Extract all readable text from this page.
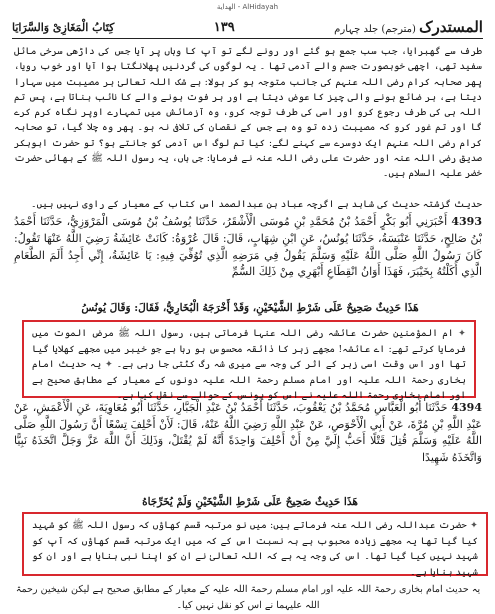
الهداية - AlHidayah
کِتَابُ الْمَغَازِیْ وَالسَّرَایَا	۱۳۹	المستدرک (مترجم) جلد چہارم
طرف سے گھبرایا، جب سب جمع ہو گئے اور رونے لگے تو آپ کا وہاں پر آیا جس کی داڑھی سرخی مائل سفید تھی، اچھی خوبصورت جسم والے آدمی تھا ۔ یہ لوگوں کی گردنیں پھلانگتا ہوا آیا اور خوب رویا، پھر صحابہ کرام رضی اللہ عنہم کی جانب متوجہ ہو کر بولا: بے شک اللہ تعالیٰ ہر مصیبت میں سہارا دیتا ہے، ہر ضائع ہونے والی چیز کا عوض دیتا ہے اور ہر فوت ہونے والے کا نائب بناتا ہے، پس تم اللہ ہی کی طرف رجوع کرو اور اسی کی طرف توجہ کرو، وہ آزمائش میں تمہارے اوپر نگاہ کرم کرے گا اور تم غور کرو کہ مصیبت زدہ تو وہ ہے جس کے نقصان کی تلافی نہ ہو۔ پھر وہ چلا گیا، تو صحابہ کرام رضی اللہ عنہم ایک دوسرے سے کہنے لگے: کیا تم لوگ اس آدمی کو جانتے ہو؟ تو حضرت ابوبکر صدیق رضی اللہ عنہ اور حضرت علی رضی اللہ عنہ نے فرمایا: جی ہاں، یہ رسول اللہ ﷺ کے بھائی حضرت خضر علیہ السلام ہیں۔
حدیث گزشتہ حدیث کی شاہد ہے اگرچہ عباد بن عبدالصمد اس کتاب کے معیار کے راوی نہیں ہیں۔
4393 أَخْبَرَنِي أَبُو بَكْرٍ أَحْمَدُ بْنُ مُحَمَّدِ بْنِ مُوسَى الْأَشْقَرُ، حَدَّثَنَا يُوسُفُ بْنُ مُوسَى الْمَرْوَزِيُّ، حَدَّثَنَا أَحْمَدُ بْنُ صَالِحٍ، حَدَّثَنَا عَنْبَسَةُ، حَدَّثَنَا يُونُسُ، عَنِ ابْنِ شِهَابٍ، قَالَ: قَالَ عُرْوَةُ: كَانَتْ عَائِشَةُ رَضِيَ اللَّهُ عَنْهَا تَقُولُ: كَانَ رَسُولُ اللَّهِ صَلَّى اللَّهُ عَلَيْهِ وَسَلَّمَ يَقُولُ فِي مَرَضِهِ الَّذِي تُوُفِّيَ فِيهِ: يَا عَائِشَةُ، إِنِّي أَجِدُ أَلَمَ الطَّعَامِ الَّذِي أَكَلْتُهُ بِخَيْبَرَ، فَهَذَا أَوَانُ انْقِطَاعِ أَبْهَرِي مِنْ ذَلِكَ السُّمِّ
هَذَا حَدِيثٌ صَحِيحٌ عَلَى شَرْطِ الشَّيْخَيْنِ، وَقَدْ أَخْرَجَهُ الْبُخَارِيُّ، فَقَالَ: وَقَالَ يُونُسُ
✦ ام المؤمنین حضرت عائشہ رضی اللہ عنہا فرماتی ہیں، رسول اللہ ﷺ مرض الموت میں فرمایا کرتے تھے: اے عائشہ! مجھے زہر کا ذائقہ محسوس ہو رہا ہے جو خیبر میں مجھے کھلایا گیا تھا اور اس وقت اسی زہر کے اثر کی وجہ سے میری شہ رگ کٹتی جا رہی ہے۔ ✦ یہ حدیث امام بخاری رحمۃ اللہ علیہ اور امام مسلم رحمۃ اللہ علیہ دونوں کے معیار کے مطابق صحیح ہے اور امام بخاری رحمۃ اللہ علیہ نے اس کو یونس کے حوالے سے نقل کیا ہے۔
4394 حَدَّثَنَا أَبُو الْعَبَّاسِ مُحَمَّدُ بْنُ يَعْقُوبَ، حَدَّثَنَا أَحْمَدُ بْنُ عَبْدِ الْجَبَّارِ، حَدَّثَنَا أَبُو مُعَاوِيَةَ، عَنِ الْأَعْمَشِ، عَنْ عَبْدِ اللَّهِ بْنِ مُرَّةَ، عَنْ أَبِي الْأَحْوَصِ، عَنْ عَبْدِ اللَّهِ رَضِيَ اللَّهُ عَنْهُ، قَالَ: لَأَنْ أَحْلِفَ تِسْعًا أَنَّ رَسُولَ اللَّهِ صَلَّى اللَّهُ عَلَيْهِ وَسَلَّمَ قُتِلَ قَتْلًا أَحَبُّ إِلَيَّ مِنْ أَنْ أَحْلِفَ وَاحِدَةً أَنَّهُ لَمْ يُقْتَلْ، وَذَلِكَ أَنَّ اللَّهَ عَزَّ وَجَلَّ اتَّخَذَهُ نَبِيًّا وَاتَّخَذَهُ شَهِيدًا
هَذَا حَدِيثٌ صَحِيحٌ عَلَى شَرْطِ الشَّيْخَيْنِ وَلَمْ يُخَرِّجَاهُ
✦ حضرت عبداللہ رضی اللہ عنہ فرماتے ہیں: میں نو مرتبہ قسم کھاؤں کہ رسول اللہ ﷺ کو شہید کیا گیا تھا یہ مجھے زیادہ محبوب ہے بہ نسبت اس کے کہ میں ایک مرتبہ قسم کھاؤں کہ آپ کو شہید نہیں کیا گیا تھا۔ اس کی وجہ یہ ہے کہ اللہ تعالیٰ نے ان کو اپنا نبی بنایا ہے اور ان کو شہید بنایا ہے۔
یہ حدیث امام بخاری رحمۃ اللہ علیہ اور امام مسلم رحمۃ اللہ علیہ کے معیار کے مطابق صحیح ہے لیکن شیخین رحمۃ اللہ علیہما نے اس کو نقل نہیں کیا۔
